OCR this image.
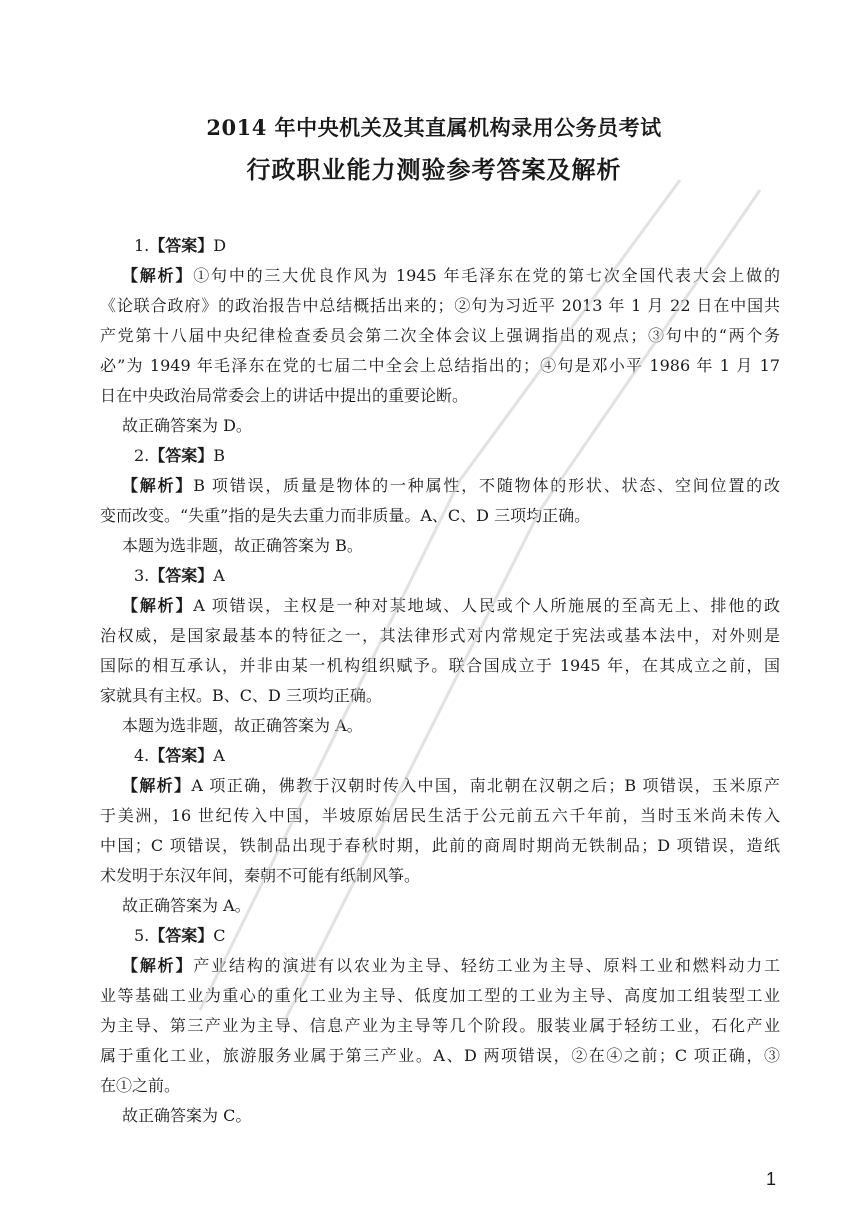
2014 年中央机关及其直属机构录用公务员考试
行政职业能力测验参考答案及解析
1.【答案】D
【解析】①句中的三大优良作风为 1945 年毛泽东在党的第七次全国代表大会上做的
《论联合政府》的政治报告中总结概括出来的；②句为习近平 2013 年 1 月 22 日在中国共
产党第十八届中央纪律检查委员会第二次全体会议上强调指出的观点；③句中的“两个务
必”为 1949 年毛泽东在党的七届二中全会上总结指出的；④句是邓小平 1986 年 1 月 17
日在中央政治局常委会上的讲话中提出的重要论断。
故正确答案为 D。
2.【答案】B
【解析】B 项错误，质量是物体的一种属性，不随物体的形状、状态、空间位置的改
变而改变。“失重”指的是失去重力而非质量。A、C、D 三项均正确。
本题为选非题，故正确答案为 B。
3.【答案】A
【解析】A 项错误，主权是一种对某地域、人民或个人所施展的至高无上、排他的政
治权威，是国家最基本的特征之一，其法律形式对内常规定于宪法或基本法中，对外则是
国际的相互承认，并非由某一机构组织赋予。联合国成立于 1945 年，在其成立之前，国
家就具有主权。B、C、D 三项均正确。
本题为选非题，故正确答案为 A。
4.【答案】A
【解析】A 项正确，佛教于汉朝时传入中国，南北朝在汉朝之后；B 项错误，玉米原产
于美洲，16 世纪传入中国，半坡原始居民生活于公元前五六千年前，当时玉米尚未传入
中国；C 项错误，铁制品出现于春秋时期，此前的商周时期尚无铁制品；D 项错误，造纸
术发明于东汉年间，秦朝不可能有纸制风筝。
故正确答案为 A。
5.【答案】C
【解析】产业结构的演进有以农业为主导、轻纺工业为主导、原料工业和燃料动力工
业等基础工业为重心的重化工业为主导、低度加工型的工业为主导、高度加工组装型工业
为主导、第三产业为主导、信息产业为主导等几个阶段。服装业属于轻纺工业，石化产业
属于重化工业，旅游服务业属于第三产业。A、D 两项错误，②在④之前；C 项正确，③
在①之前。
故正确答案为 C。
1
